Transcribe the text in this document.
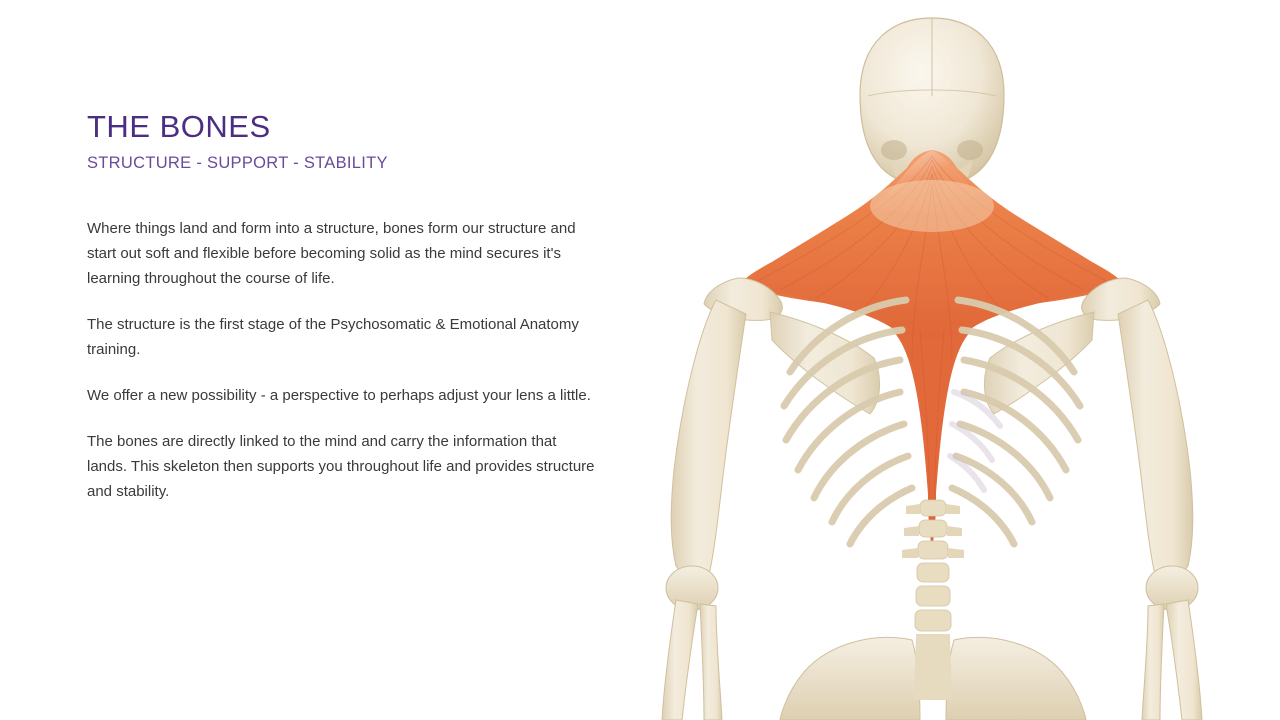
THE BONES
STRUCTURE - SUPPORT - STABILITY

Where things land and form into a structure, bones form our structure and start out soft and flexible before becoming solid as the mind secures it's learning throughout the course of life.

The structure is the first stage of the Psychosomatic & Emotional Anatomy training.

We offer a new possibility - a perspective to perhaps adjust your lens a little.

The bones are directly linked to the mind and carry the information that lands. This skeleton then supports you throughout life and provides structure and stability.
